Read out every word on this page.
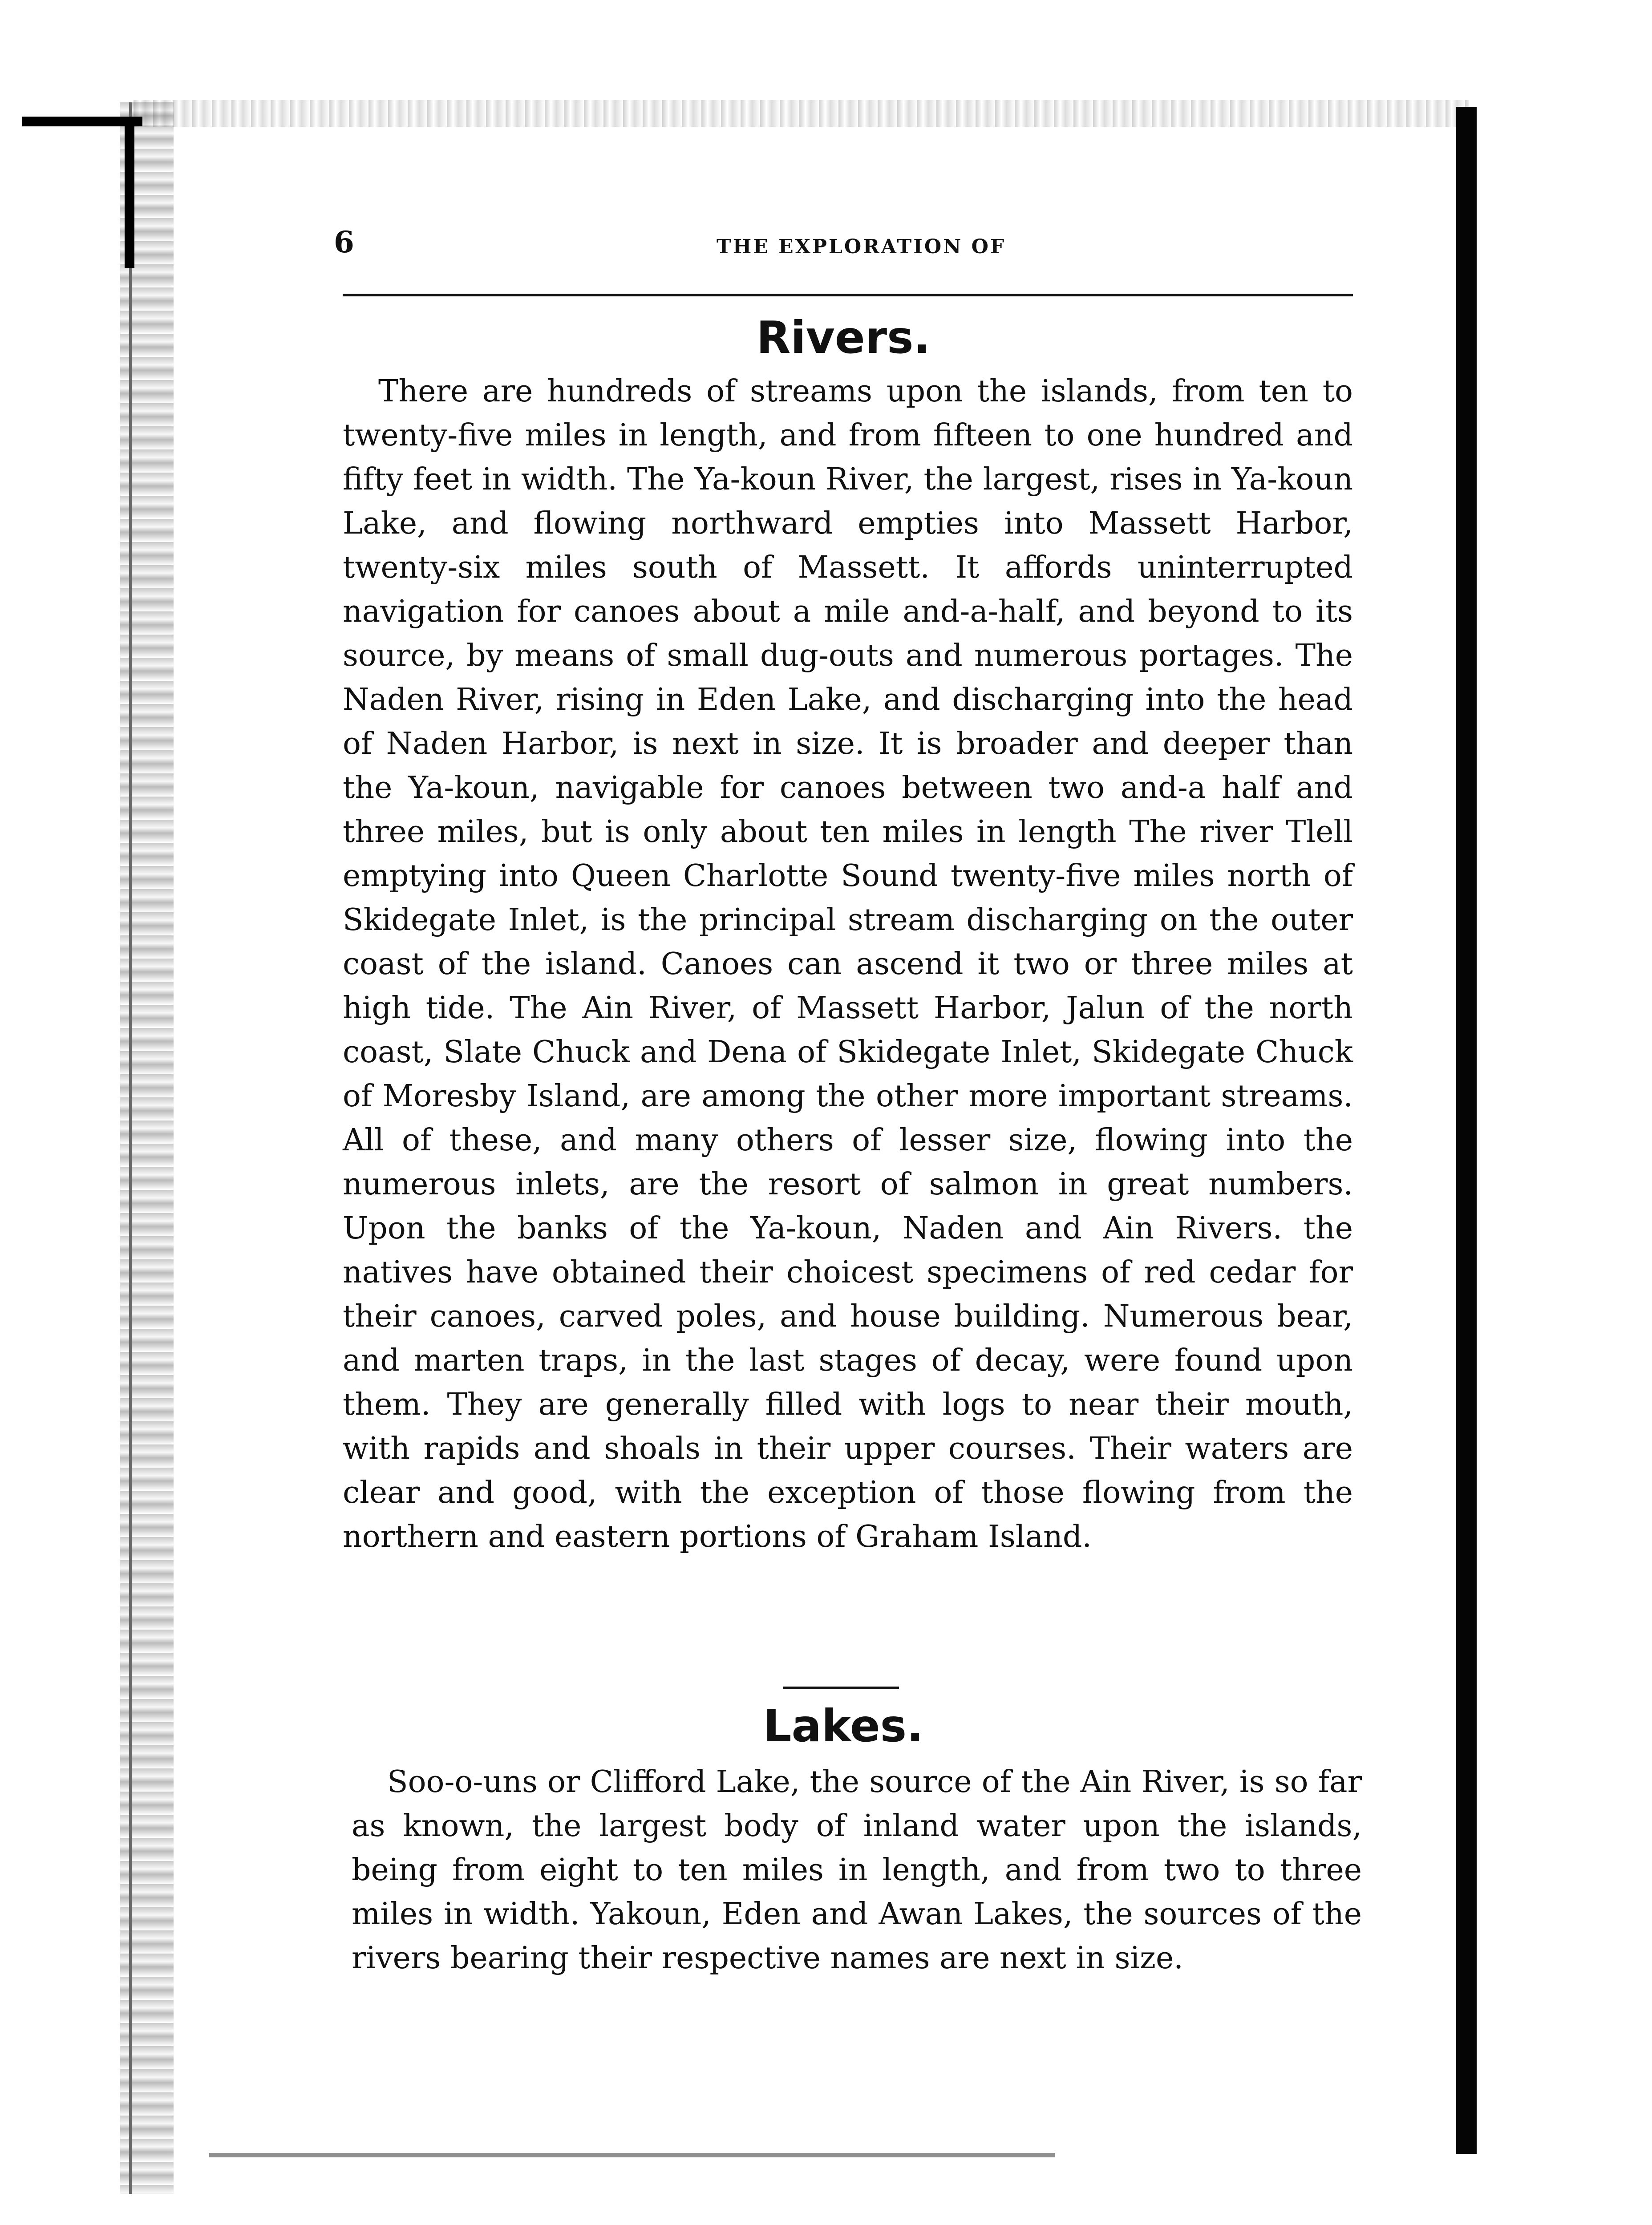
6	THE EXPLORATION OF
Rivers.

There are hundreds of streams upon the islands, from ten to twenty-five miles in length, and from fifteen to one hundred and fifty feet in width. The Ya-koun River, the largest, rises in Ya-koun Lake, and flowing northward empties into Massett Harbor, twenty-six miles south of Massett. It affords uninterrupted navigation for canoes about a mile and-a-half, and beyond to its source, by means of small dug-outs and numerous portages. The Naden River, rising in Eden Lake, and discharging into the head of Naden Harbor, is next in size. It is broader and deeper than the Ya-koun, navigable for canoes between two and-a half and three miles, but is only about ten miles in length The river Tlell emptying into Queen Charlotte Sound twenty-five miles north of Skidegate Inlet, is the principal stream discharging on the outer coast of the island. Canoes can ascend it two or three miles at high tide. The Ain River, of Massett Harbor, Jalun of the north coast, Slate Chuck and Dena of Skidegate Inlet, Skidegate Chuck of Moresby Island, are among the other more important streams. All of these, and many others of lesser size, flowing into the numerous inlets, are the resort of salmon in great numbers. Upon the banks of the Ya-koun, Naden and Ain Rivers. the natives have obtained their choicest specimens of red cedar for their canoes, carved poles, and house building. Numerous bear, and marten traps, in the last stages of decay, were found upon them. They are generally filled with logs to near their mouth, with rapids and shoals in their upper courses. Their waters are clear and good, with the exception of those flowing from the northern and eastern portions of Graham Island.

Lakes.

Soo-o-uns or Clifford Lake, the source of the Ain River, is so far as known, the largest body of inland water upon the islands, being from eight to ten miles in length, and from two to three miles in width. Yakoun, Eden and Awan Lakes, the sources of the rivers bearing their respective names are next in size.
